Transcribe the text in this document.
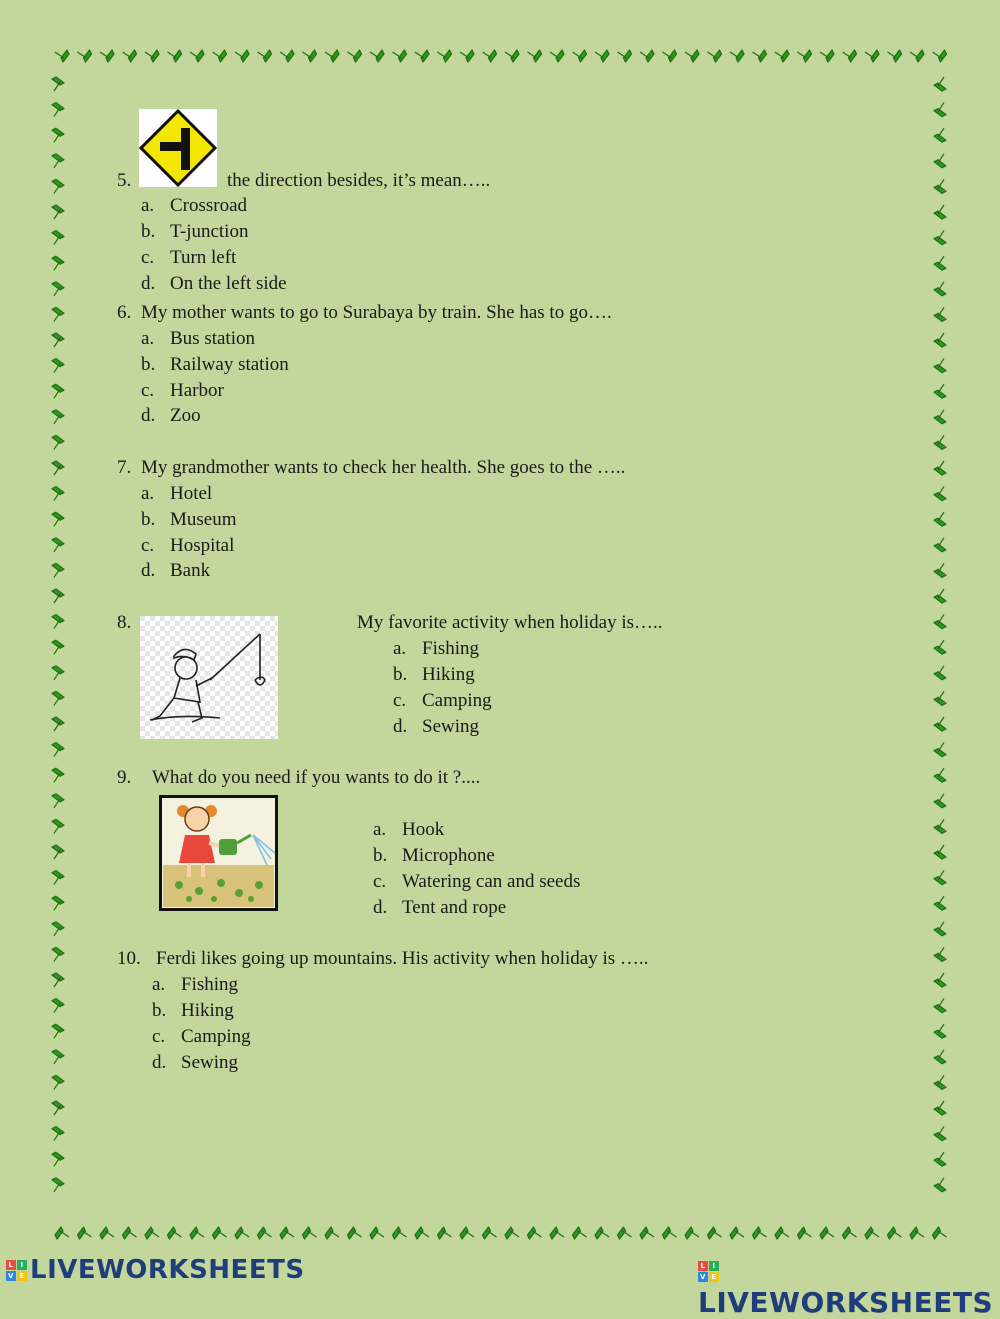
5.	the direction besides, it’s mean…..
a. Crossroad
b. T-junction
c. Turn left
d. On the left side
6. My mother wants to go to Surabaya by train. She has to go….
a. Bus station
b. Railway station
c. Harbor
d. Zoo
7. My grandmother wants to check her health. She goes to the …..
a. Hotel
b. Museum
c. Hospital
d. Bank
8.	My favorite activity when holiday is…..
a. Fishing
b. Hiking
c. Camping
d. Sewing
9. What do you need if you wants to do it ?....
a. Hook
b. Microphone
c. Watering can and seeds
d. Tent and rope
10. Ferdi likes going up mountains. His activity when holiday is …..
a. Fishing
b. Hiking
c. Camping
d. Sewing
L I
V E LIVEWORKSHEETS	L I
V E
LIVEWORKSHEETS
